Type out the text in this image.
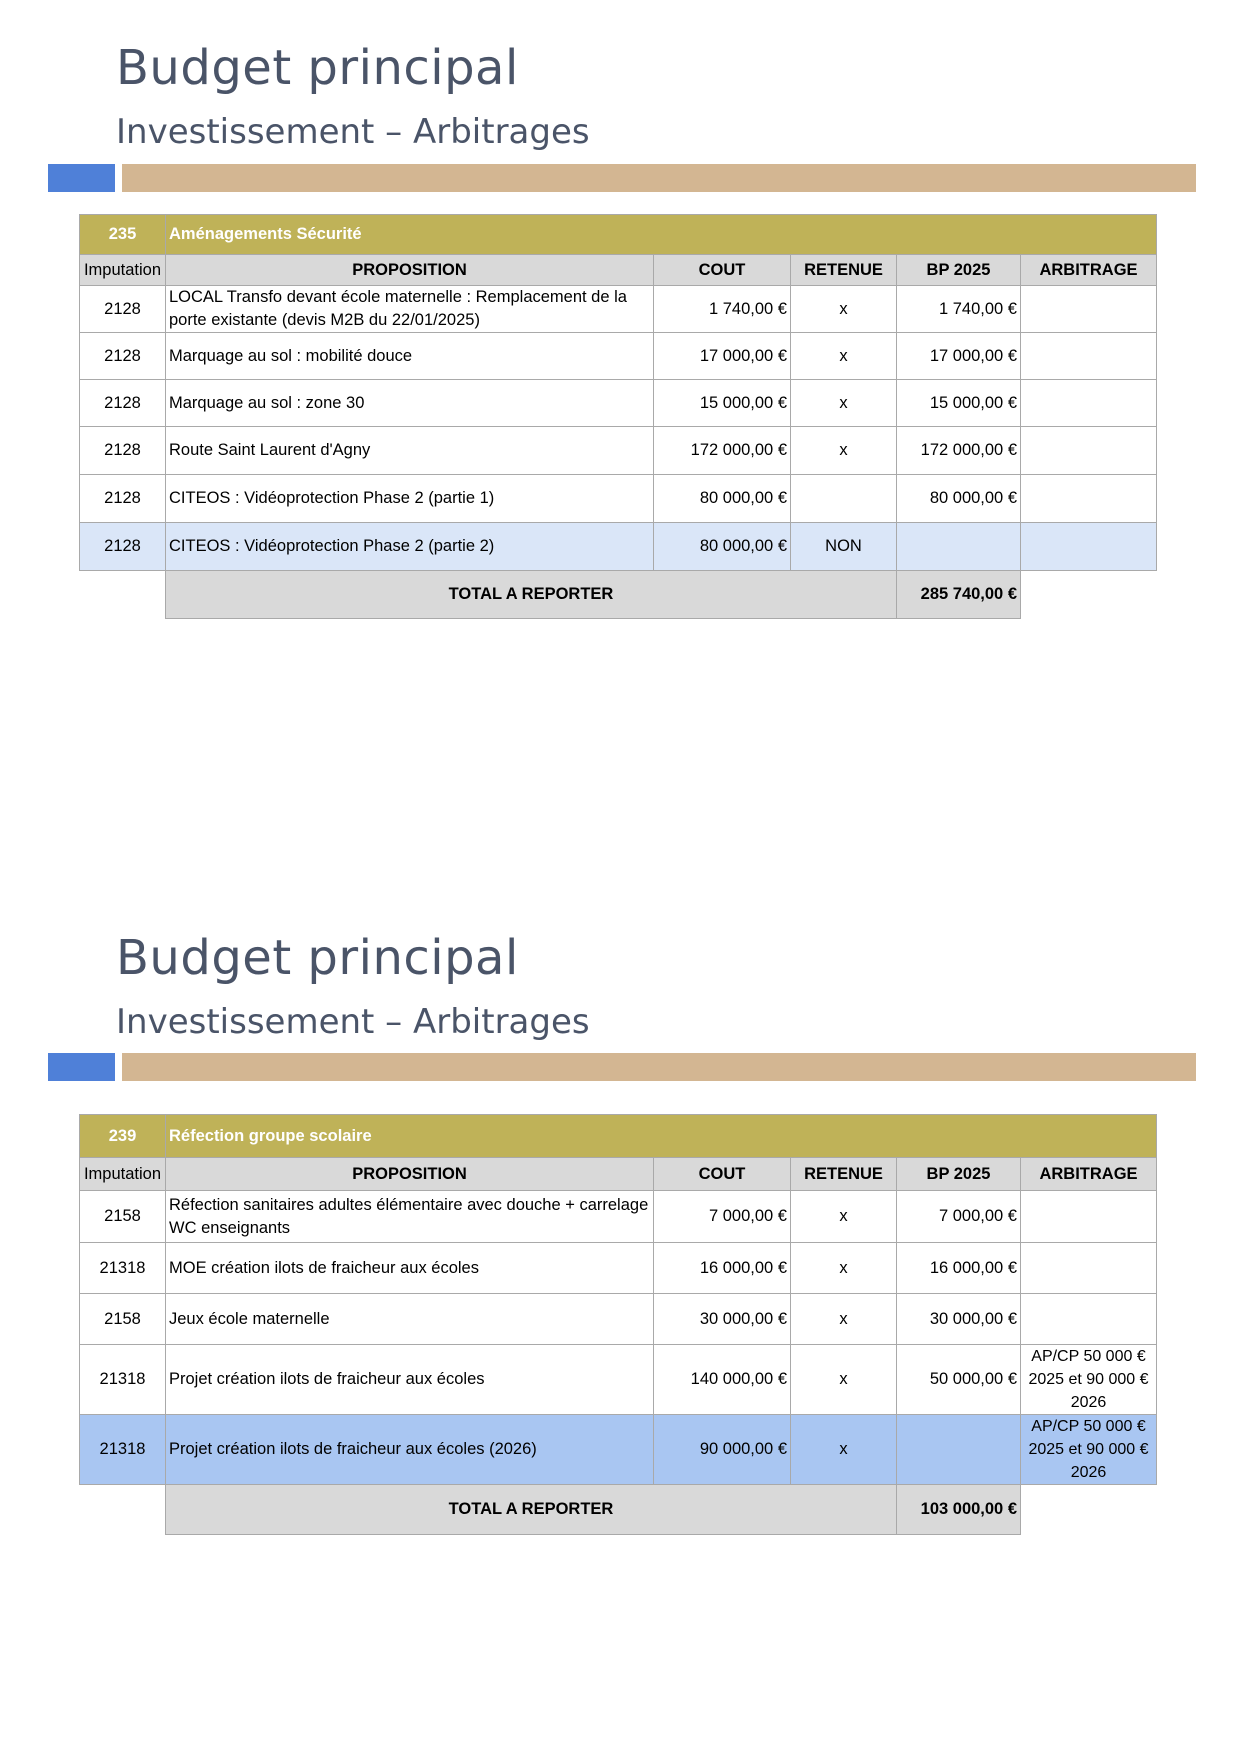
Budget principal
Investissement – Arbitrages
235	Aménagements Sécurité				
Imputation	PROPOSITION	COUT	RETENUE	BP 2025	ARBITRAGE
2128	LOCAL Transfo devant école maternelle : Remplacement de la porte existante (devis M2B du 22/01/2025)	1 740,00 €	x	1 740,00 €	
2128	Marquage au sol : mobilité douce	17 000,00 €	x	17 000,00 €	
2128	Marquage au sol : zone 30	15 000,00 €	x	15 000,00 €	
2128	Route Saint Laurent d'Agny	172 000,00 €	x	172 000,00 €	
2128	CITEOS : Vidéoprotection Phase 2 (partie 1)	80 000,00 €		80 000,00 €	
2128	CITEOS : Vidéoprotection Phase 2 (partie 2)	80 000,00 €	NON		
	TOTAL A REPORTER			285 740,00 €	
Budget principal
Investissement – Arbitrages
239	Réfection groupe scolaire				
Imputation	PROPOSITION	COUT	RETENUE	BP 2025	ARBITRAGE
2158	Réfection sanitaires adultes élémentaire avec douche + carrelage WC enseignants	7 000,00 €	x	7 000,00 €	
21318	MOE création ilots de fraicheur aux écoles	16 000,00 €	x	16 000,00 €	
2158	Jeux école maternelle	30 000,00 €	x	30 000,00 €	
21318	Projet création ilots de fraicheur aux écoles	140 000,00 €	x	50 000,00 €	AP/CP 50 000 € 2025 et 90 000 € 2026
21318	Projet création ilots de fraicheur aux écoles (2026)	90 000,00 €	x		AP/CP 50 000 € 2025 et 90 000 € 2026
	TOTAL A REPORTER			103 000,00 €	
